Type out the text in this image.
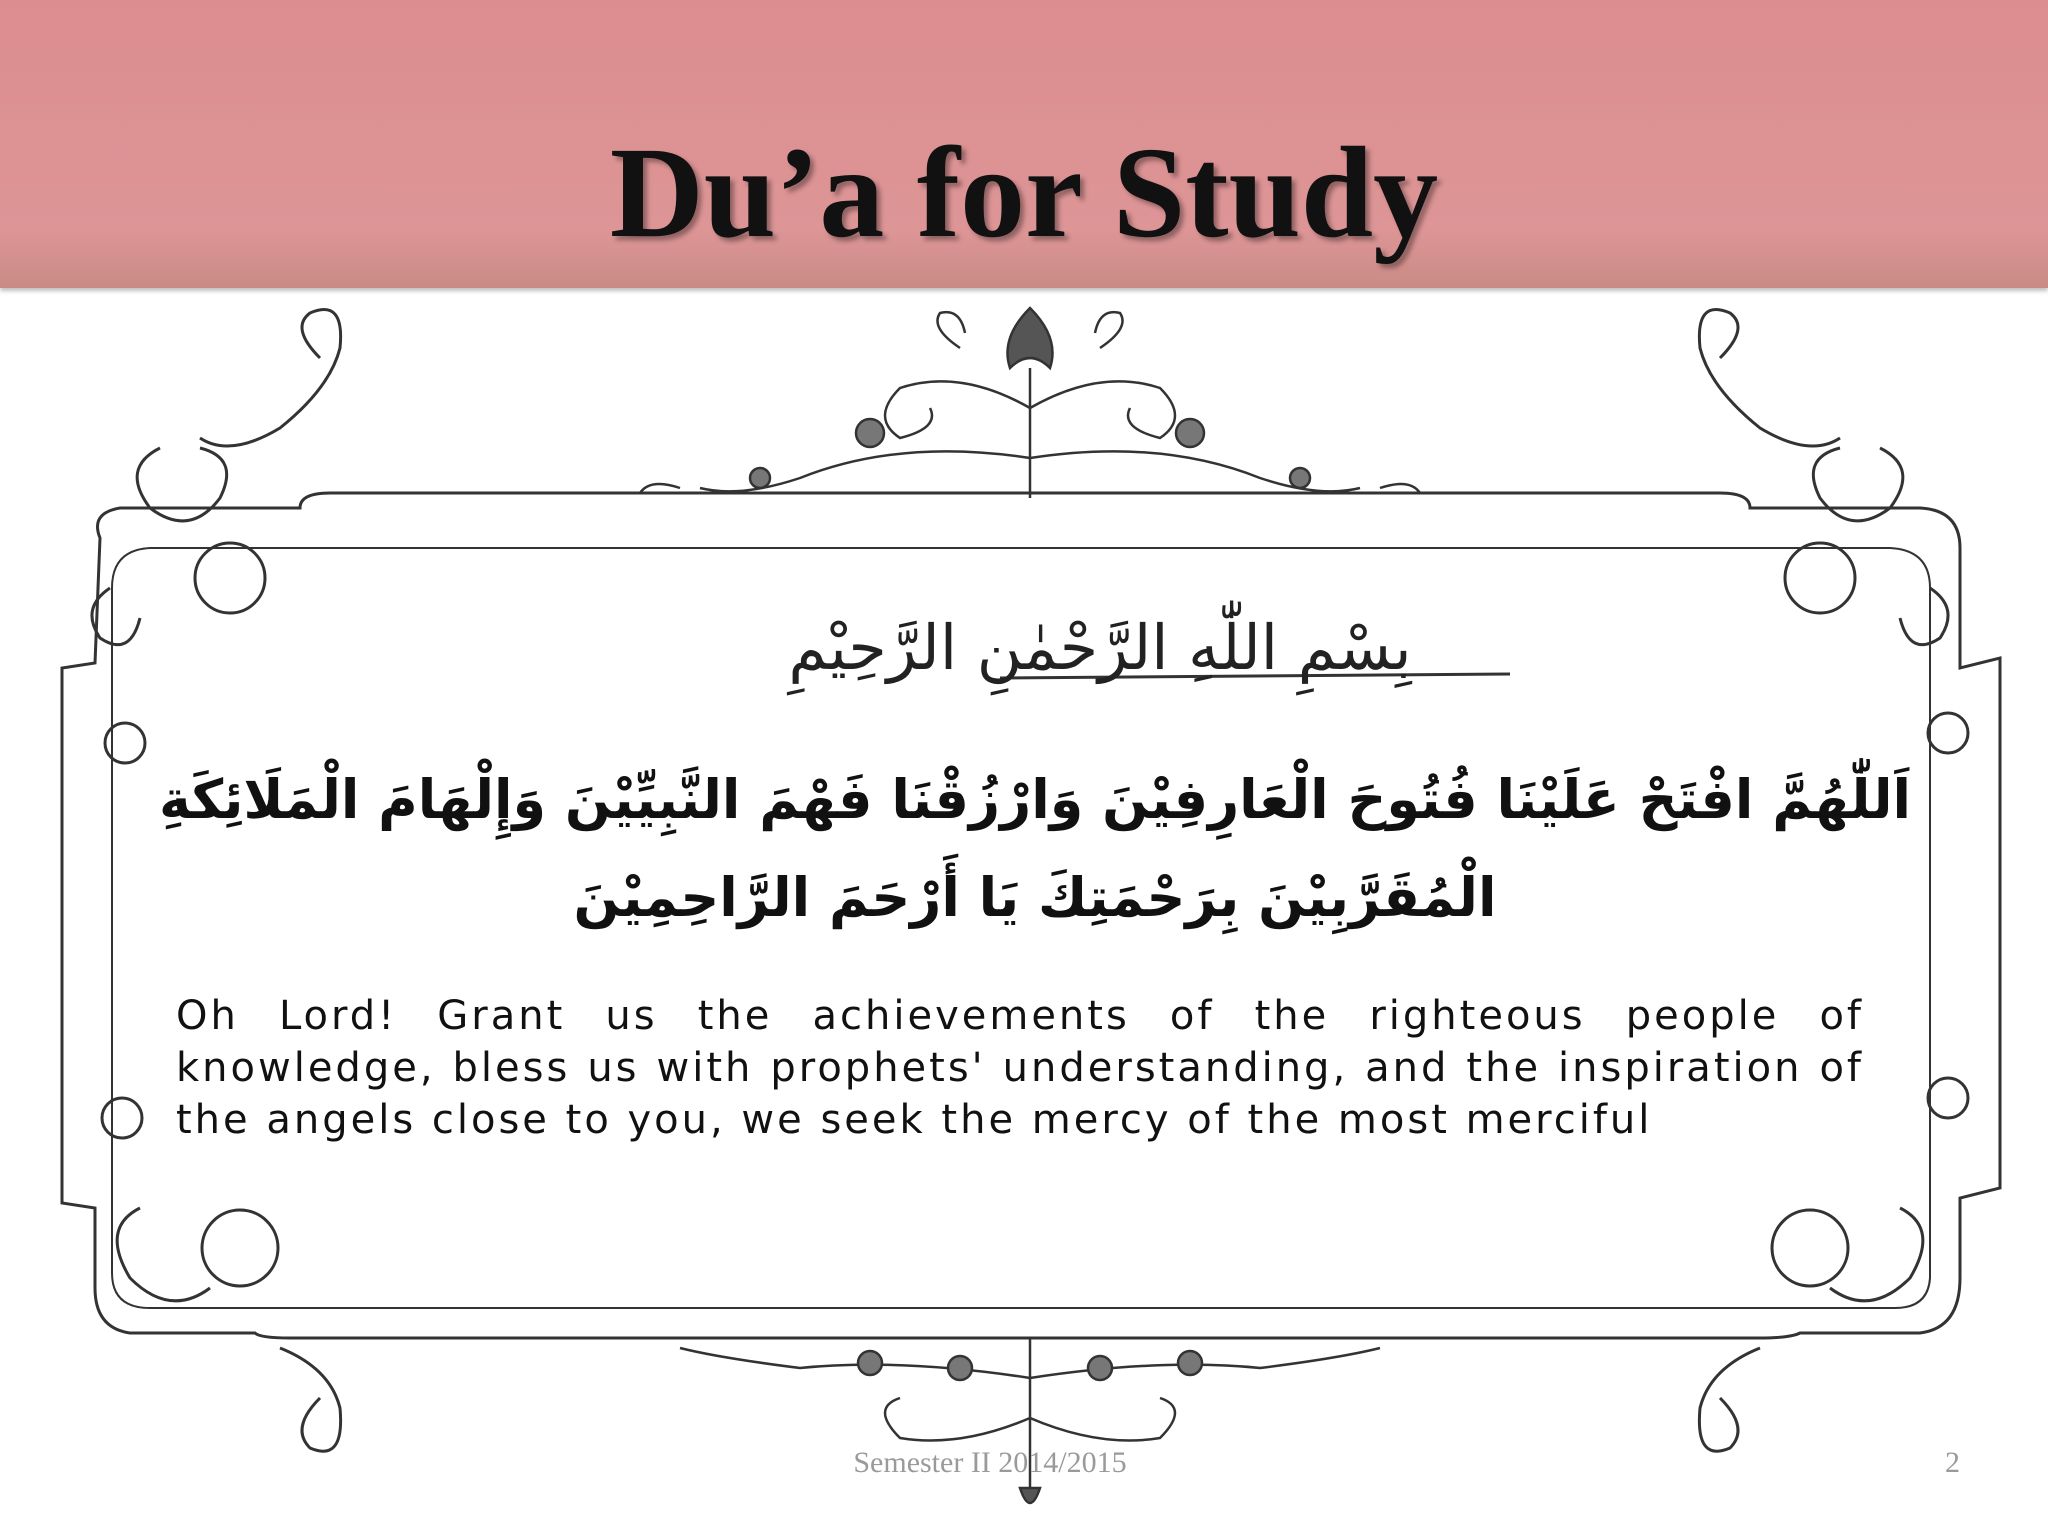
Du’a for Study
بِسْمِ اللّٰهِ الرَّحْمٰنِ الرَّحِيْمِ
اَللّٰهُمَّ افْتَحْ عَلَيْنَا فُتُوحَ الْعَارِفِيْنَ وَارْزُقْنَا فَهْمَ النَّبِيِّيْنَ وَإِلْهَامَ الْمَلَائِكَةِ
الْمُقَرَّبِيْنَ بِرَحْمَتِكَ يَا أَرْحَمَ الرَّاحِمِيْنَ
Oh Lord! Grant us the achievements of the righteous people of knowledge, bless us with prophets' understanding, and the inspiration of the angels close to you, we seek the mercy of the most merciful
Semester II 2014/2015	2
